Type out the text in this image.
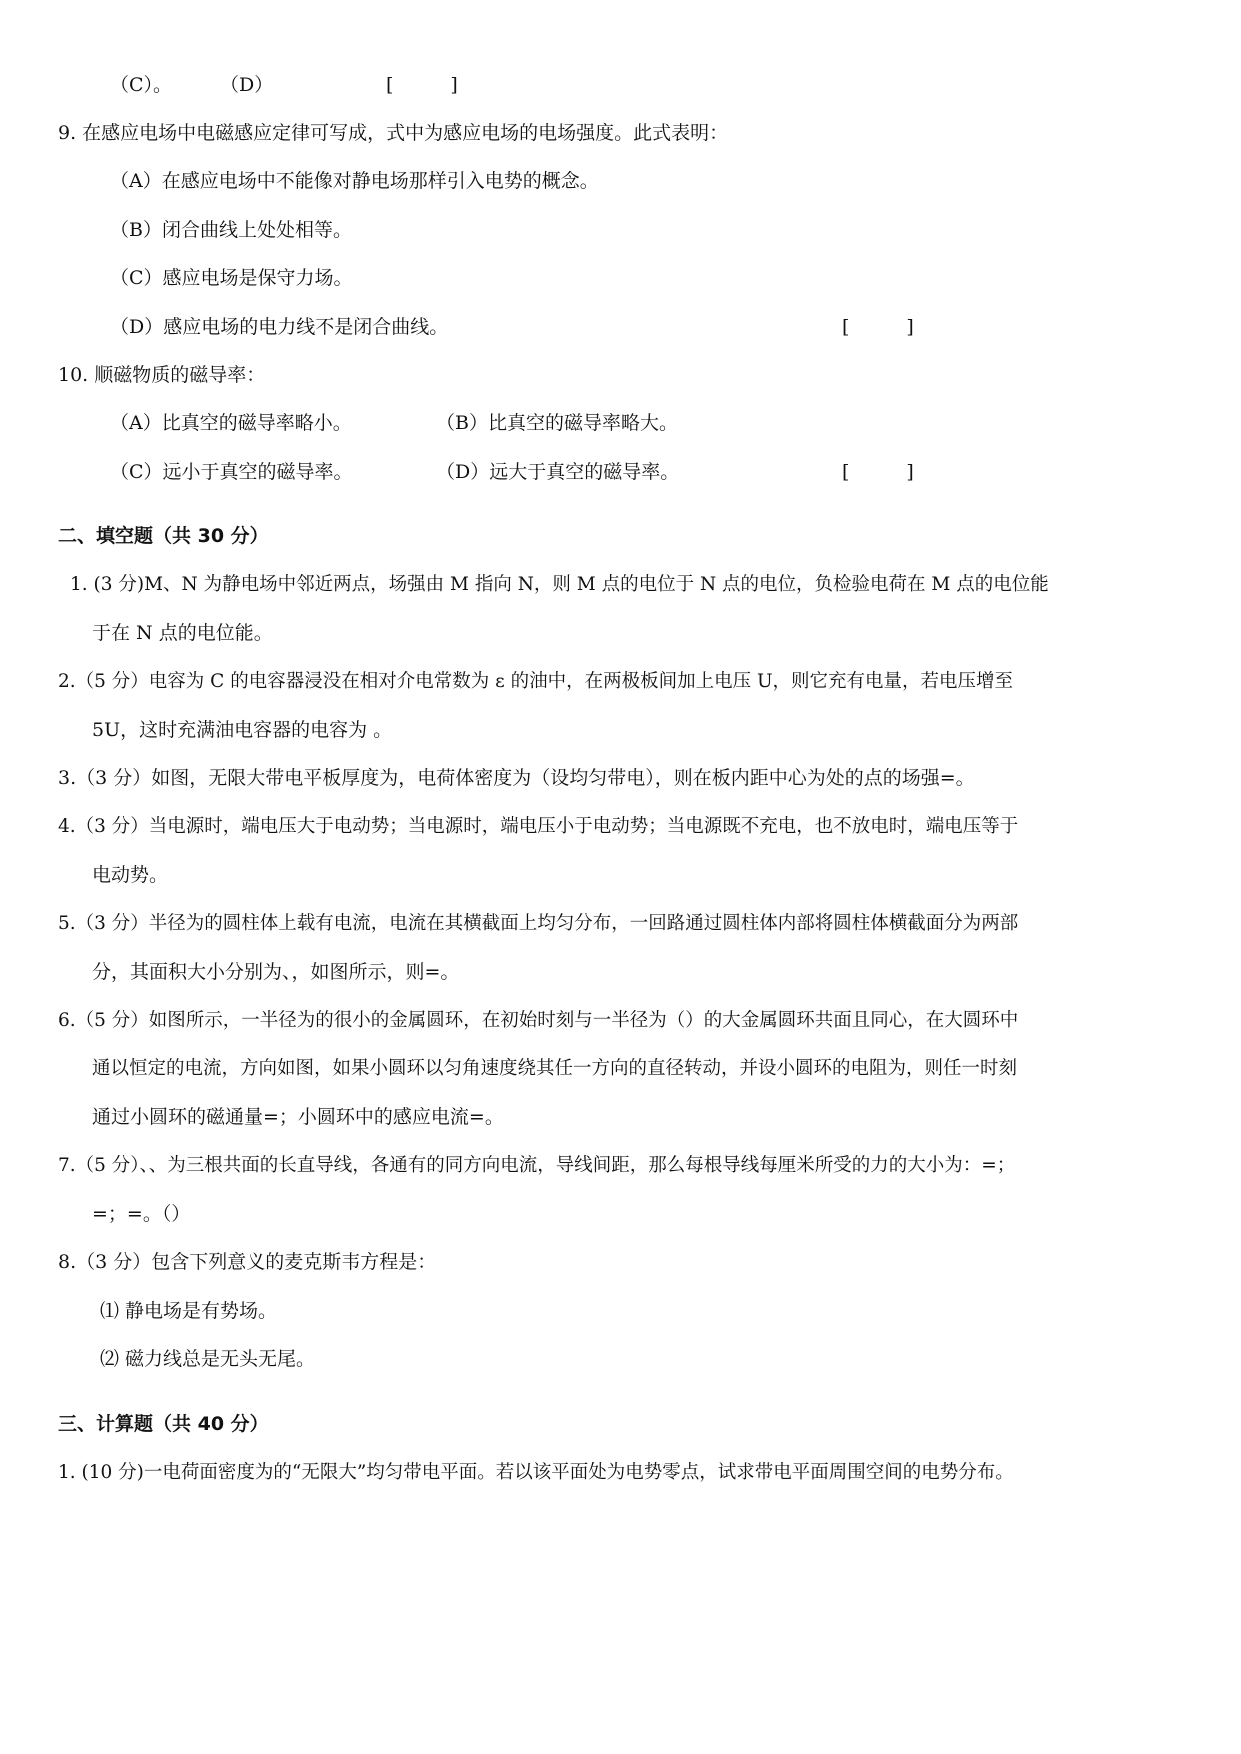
（C）。	（D）	[　　　]
9. 在感应电场中电磁感应定律可写成，式中为感应电场的电场强度。此式表明：
（A）在感应电场中不能像对静电场那样引入电势的概念。
（B）闭合曲线上处处相等。
（C）感应电场是保守力场。
（D）感应电场的电力线不是闭合曲线。	[　　　]
10. 顺磁物质的磁导率：
（A）比真空的磁导率略小。	（B）比真空的磁导率略大。
（C）远小于真空的磁导率。	（D）远大于真空的磁导率。	[　　　]
二、填空题（共 30 分）
1. (3 分)M、N 为静电场中邻近两点，场强由 M 指向 N，则 M 点的电位于 N 点的电位，负检验电荷在 M 点的电位能
于在 N 点的电位能。
2.（5 分）电容为 C 的电容器浸没在相对介电常数为 ε 的油中，在两极板间加上电压 U，则它充有电量，若电压增至
5U，这时充满油电容器的电容为 。
3.（3 分）如图，无限大带电平板厚度为，电荷体密度为（设均匀带电），则在板内距中心为处的点的场强=。
4.（3 分）当电源时，端电压大于电动势；当电源时，端电压小于电动势；当电源既不充电，也不放电时，端电压等于
电动势。
5.（3 分）半径为的圆柱体上载有电流，电流在其横截面上均匀分布，一回路通过圆柱体内部将圆柱体横截面分为两部
分，其面积大小分别为、，如图所示，则=。
6.（5 分）如图所示，一半径为的很小的金属圆环，在初始时刻与一半径为（）的大金属圆环共面且同心，在大圆环中
通以恒定的电流，方向如图，如果小圆环以匀角速度绕其任一方向的直径转动，并设小圆环的电阻为，则任一时刻
通过小圆环的磁通量=；小圆环中的感应电流=。
7.（5 分）、、为三根共面的长直导线，各通有的同方向电流，导线间距，那么每根导线每厘米所受的力的大小为：=；
=；=。（）
8.（3 分）包含下列意义的麦克斯韦方程是：
⑴ 静电场是有势场。
⑵ 磁力线总是无头无尾。
三、计算题（共 40 分）
1. (10 分)一电荷面密度为的“无限大”均匀带电平面。若以该平面处为电势零点，试求带电平面周围空间的电势分布。
